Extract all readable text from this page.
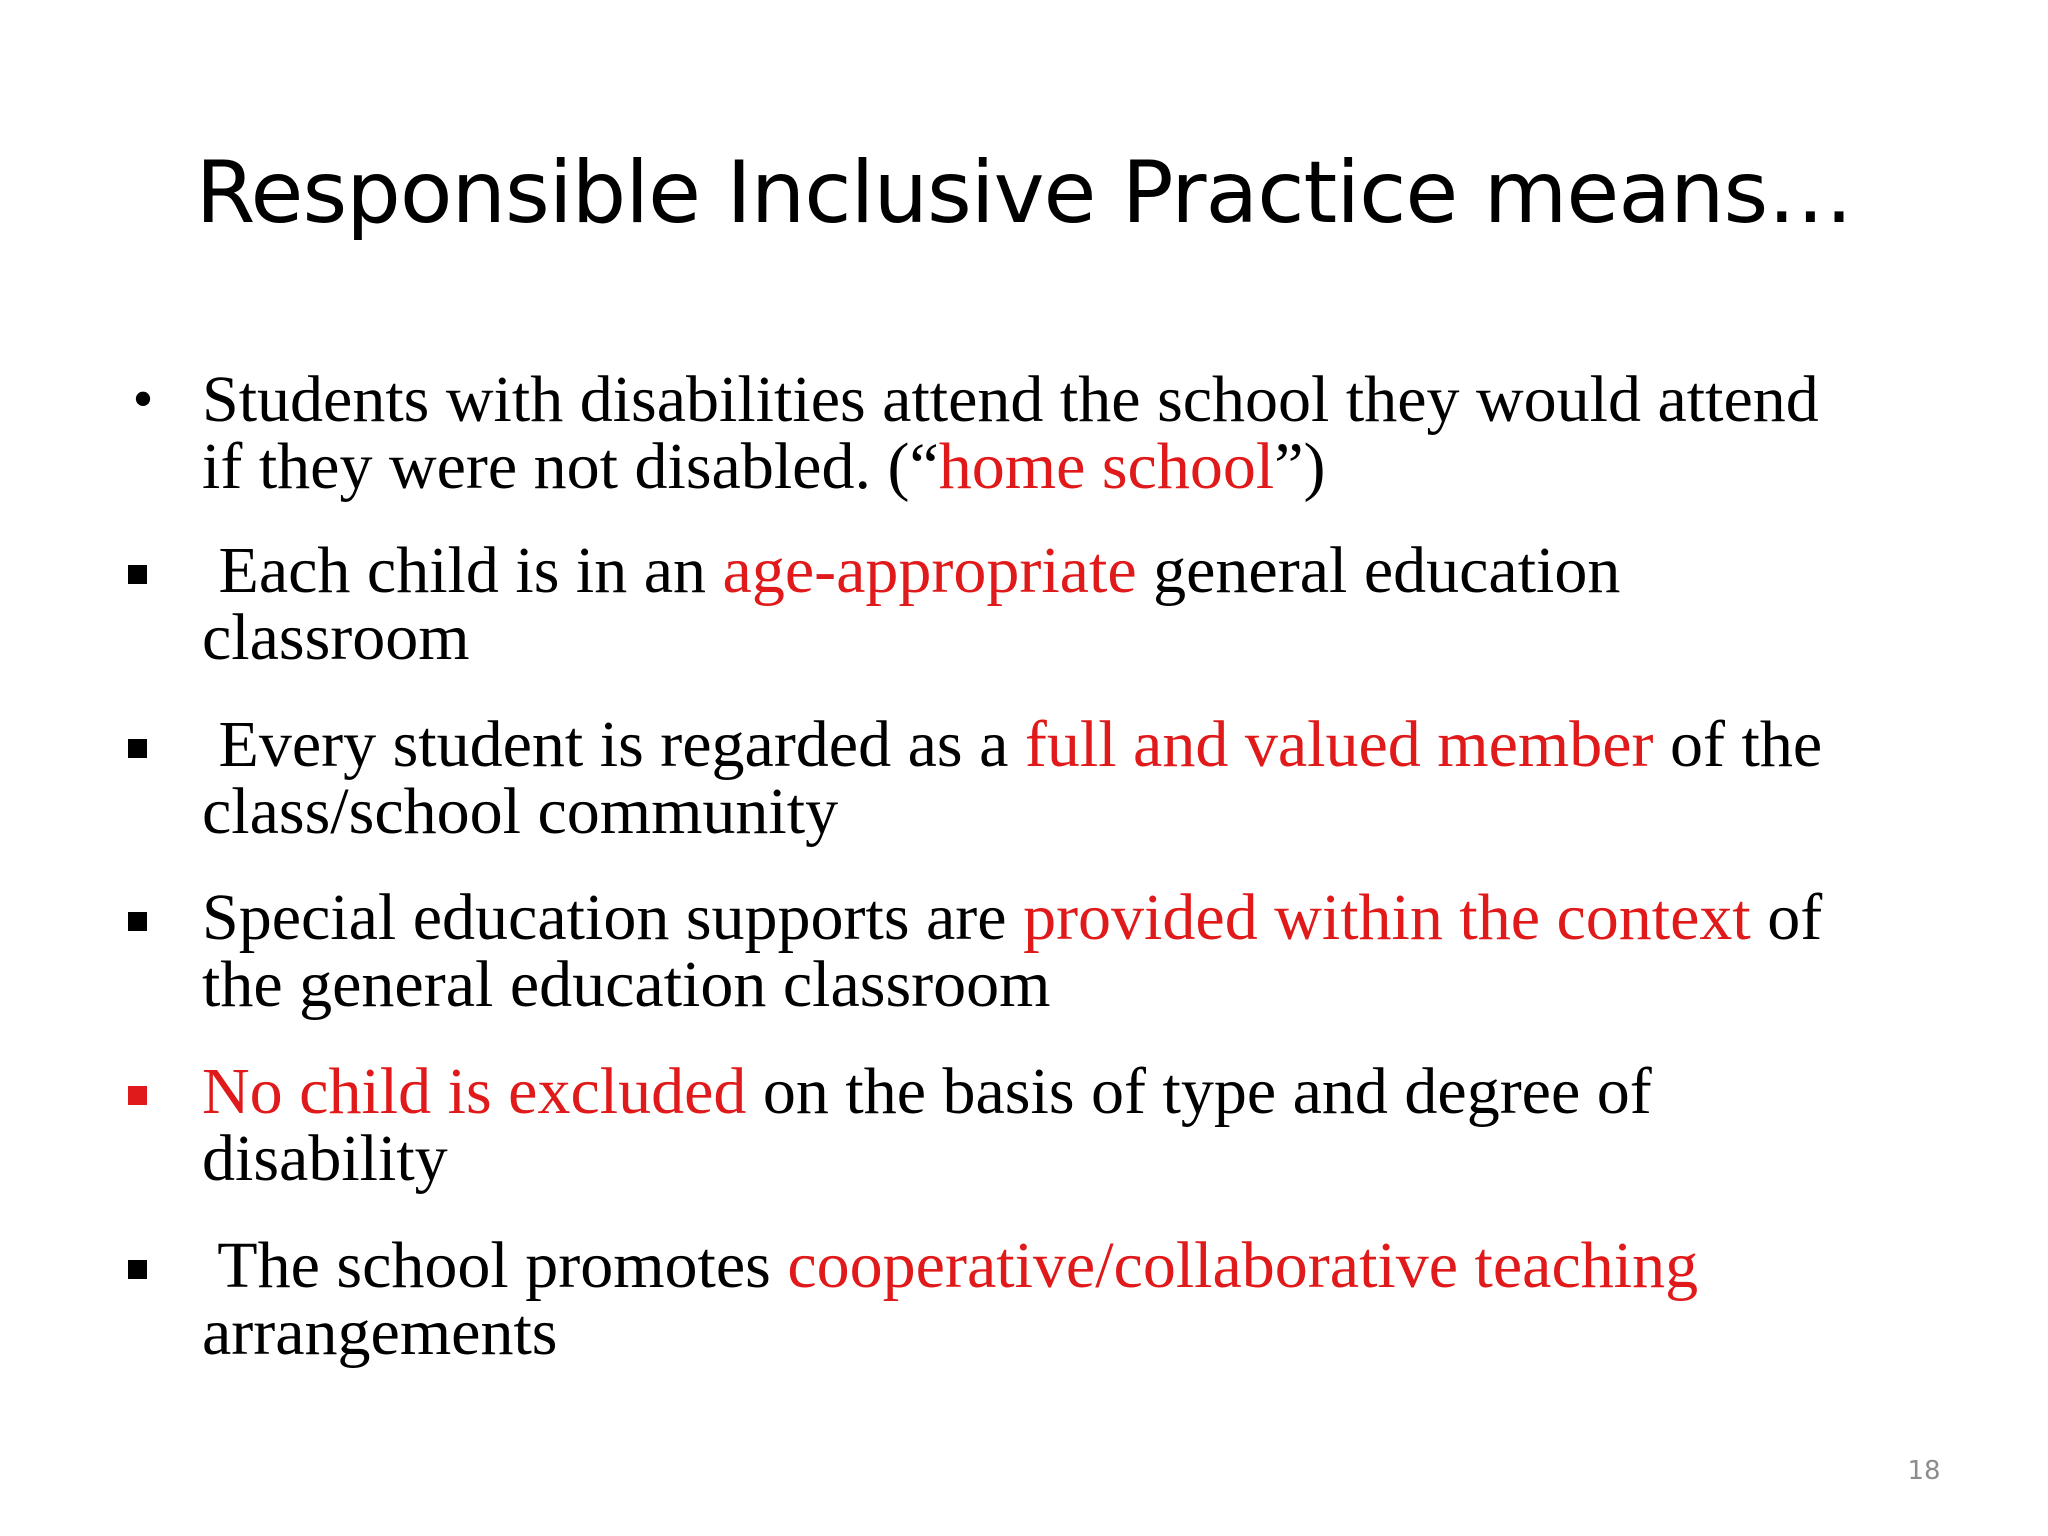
Responsible Inclusive Practice means…
• Students with disabilities attend the school they would attend
if they were not disabled. (“home school”)
Each child is in an age-appropriate general education
classroom
Every student is regarded as a full and valued member of the
class/school community
Special education supports are provided within the context of
the general education classroom
No child is excluded on the basis of type and degree of
disability
The school promotes cooperative/collaborative teaching
arrangements
18
